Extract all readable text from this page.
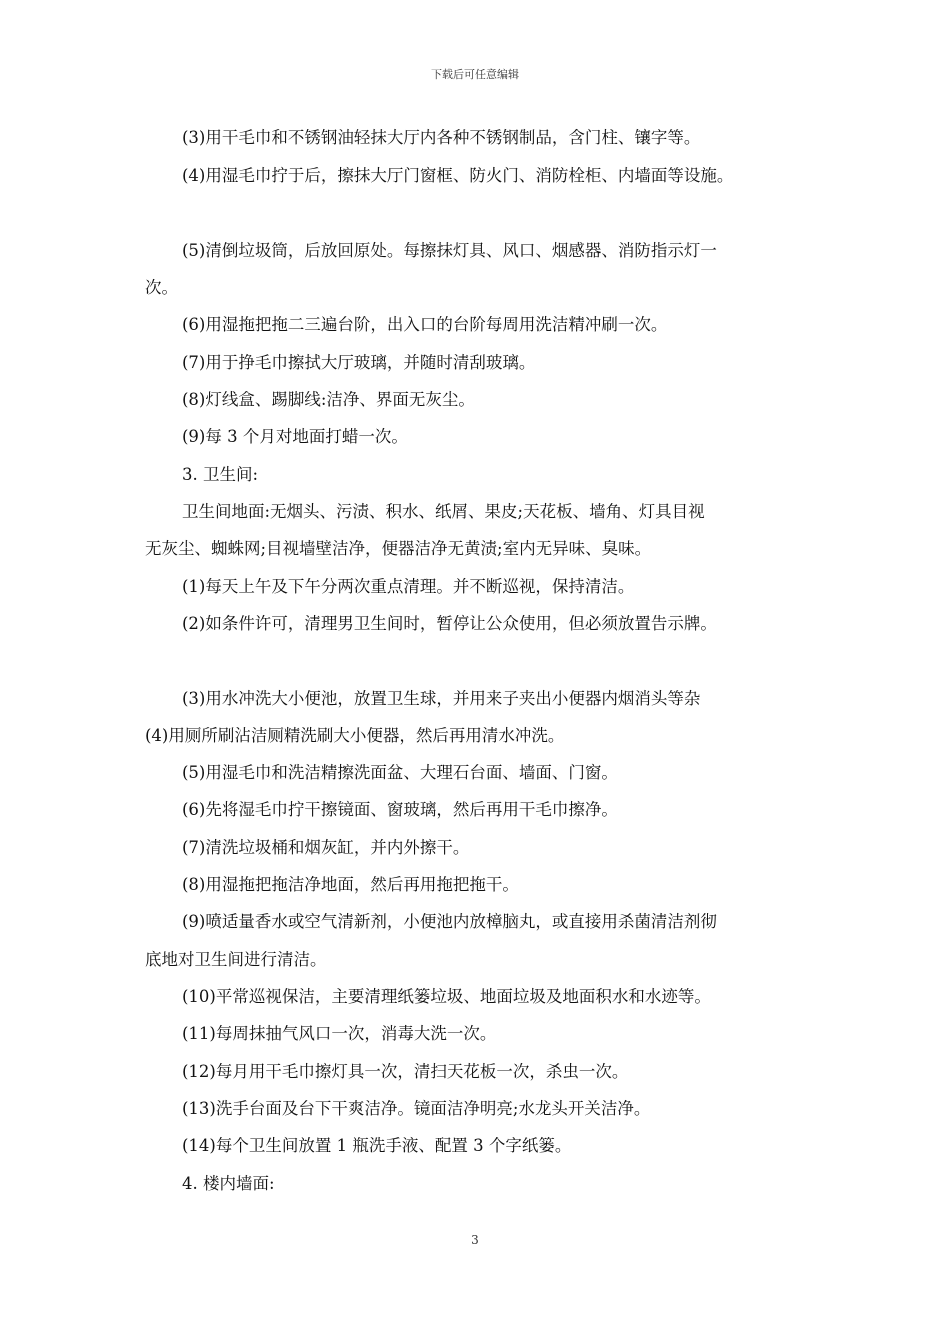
下载后可任意编辑
(3)用干毛巾和不锈钢油轻抹大厅内各种不锈钢制品，含门柱、镶字等。
(4)用湿毛巾拧于后，擦抹大厅门窗框、防火门、消防栓柜、内墙面等设施。
(5)清倒垃圾筒，后放回原处。每擦抹灯具、风口、烟感器、消防指示灯一
次。
(6)用湿拖把拖二三遍台阶，出入口的台阶每周用洗洁精冲刷一次。
(7)用于挣毛巾擦拭大厅玻璃，并随时清刮玻璃。
(8)灯线盒、踢脚线:洁净、界面无灰尘。
(9)每 3 个月对地面打蜡一次。
3. 卫生间:
卫生间地面:无烟头、污渍、积水、纸屑、果皮;天花板、墙角、灯具目视
无灰尘、蜘蛛网;目视墙壁洁净，便器洁净无黄渍;室内无异味、臭味。
(1)每天上午及下午分两次重点清理。并不断巡视，保持清洁。
(2)如条件许可，清理男卫生间时，暂停让公众使用，但必须放置告示牌。
(3)用水冲洗大小便池，放置卫生球，并用来子夹出小便器内烟消头等杂
(4)用厕所刷沾洁厕精洗刷大小便器，然后再用清水冲洗。
(5)用湿毛巾和洗洁精擦洗面盆、大理石台面、墙面、门窗。
(6)先将湿毛巾拧干擦镜面、窗玻璃，然后再用干毛巾擦净。
(7)清洗垃圾桶和烟灰缸，并内外擦干。
(8)用湿拖把拖洁净地面，然后再用拖把拖干。
(9)喷适量香水或空气清新剂，小便池内放樟脑丸，或直接用杀菌清洁剂彻
底地对卫生间进行清洁。
(10)平常巡视保洁，主要清理纸篓垃圾、地面垃圾及地面积水和水迹等。
(11)每周抹抽气风口一次，消毒大洗一次。
(12)每月用干毛巾擦灯具一次，清扫天花板一次，杀虫一次。
(13)洗手台面及台下干爽洁净。镜面洁净明亮;水龙头开关洁净。
(14)每个卫生间放置 1 瓶洗手液、配置 3 个字纸篓。
4. 楼内墙面:
3
